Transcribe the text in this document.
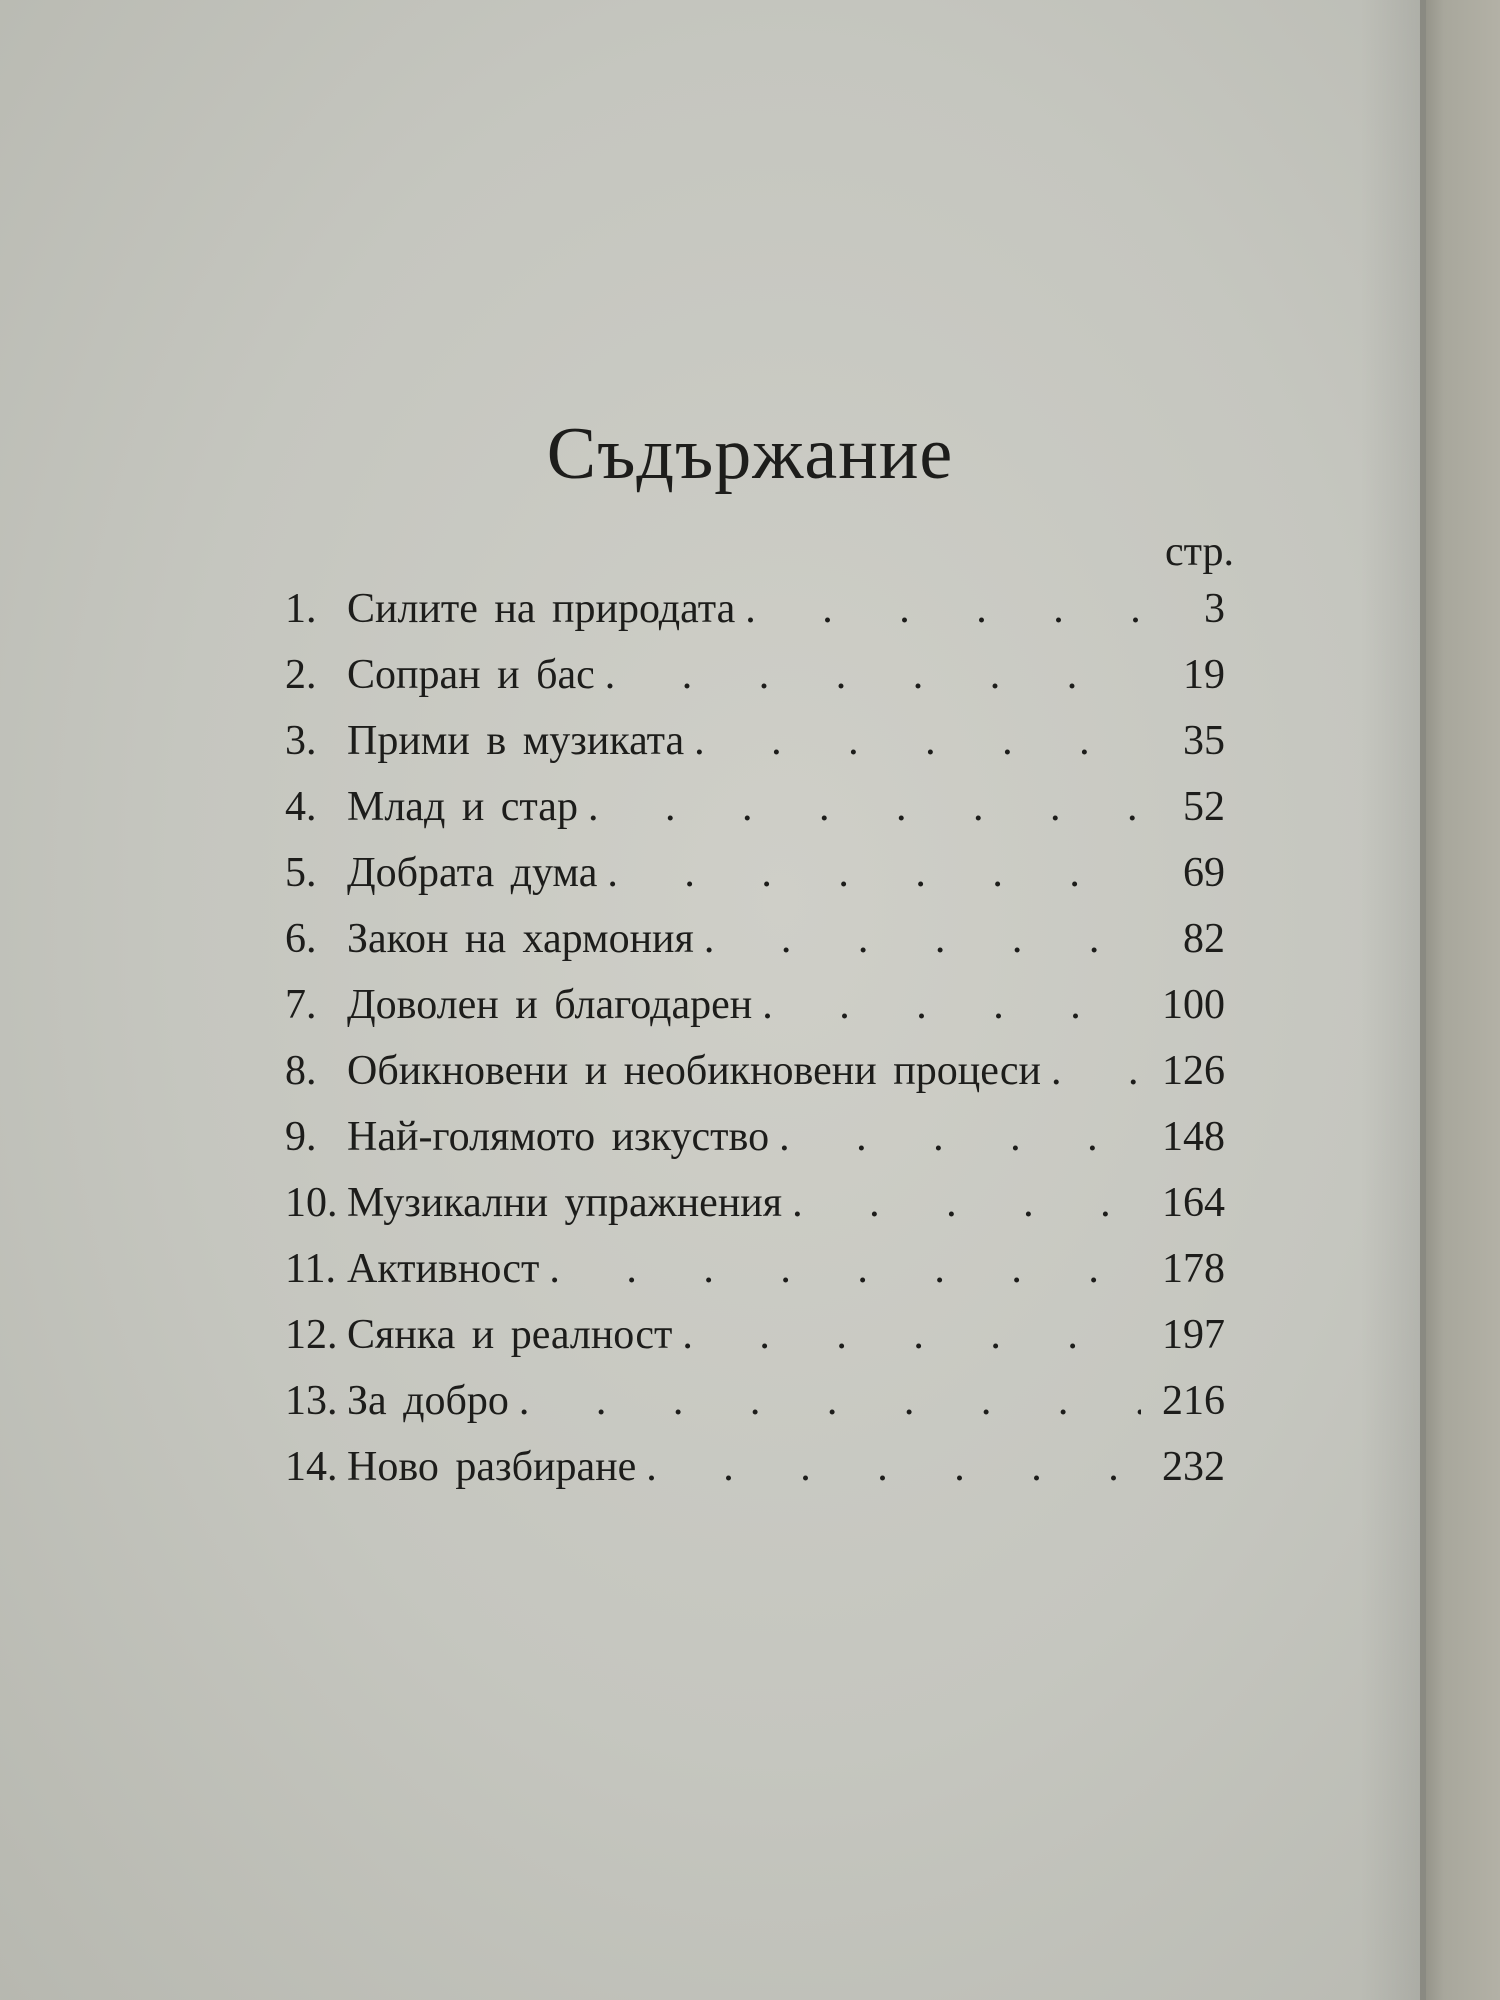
Съдържание
стр.
1. Силите на природата . . .	3
2. Сопран и бас . . .	19
3. Прими в музиката . . .	35
4. Млад и стар . . .	52
5. Добрата дума . . .	69
6. Закон на хармония . . .	82
7. Доволен и благодарен . . .	100
8. Обикновени и необикновени процеси . . .	126
9. Най-голямото изкуство . . .	148
10. Музикални упражнения . . .	164
11. Активност . . .	178
12. Сянка и реалност . . .	197
13. За добро . . .	216
14. Ново разбиране . . .	232
